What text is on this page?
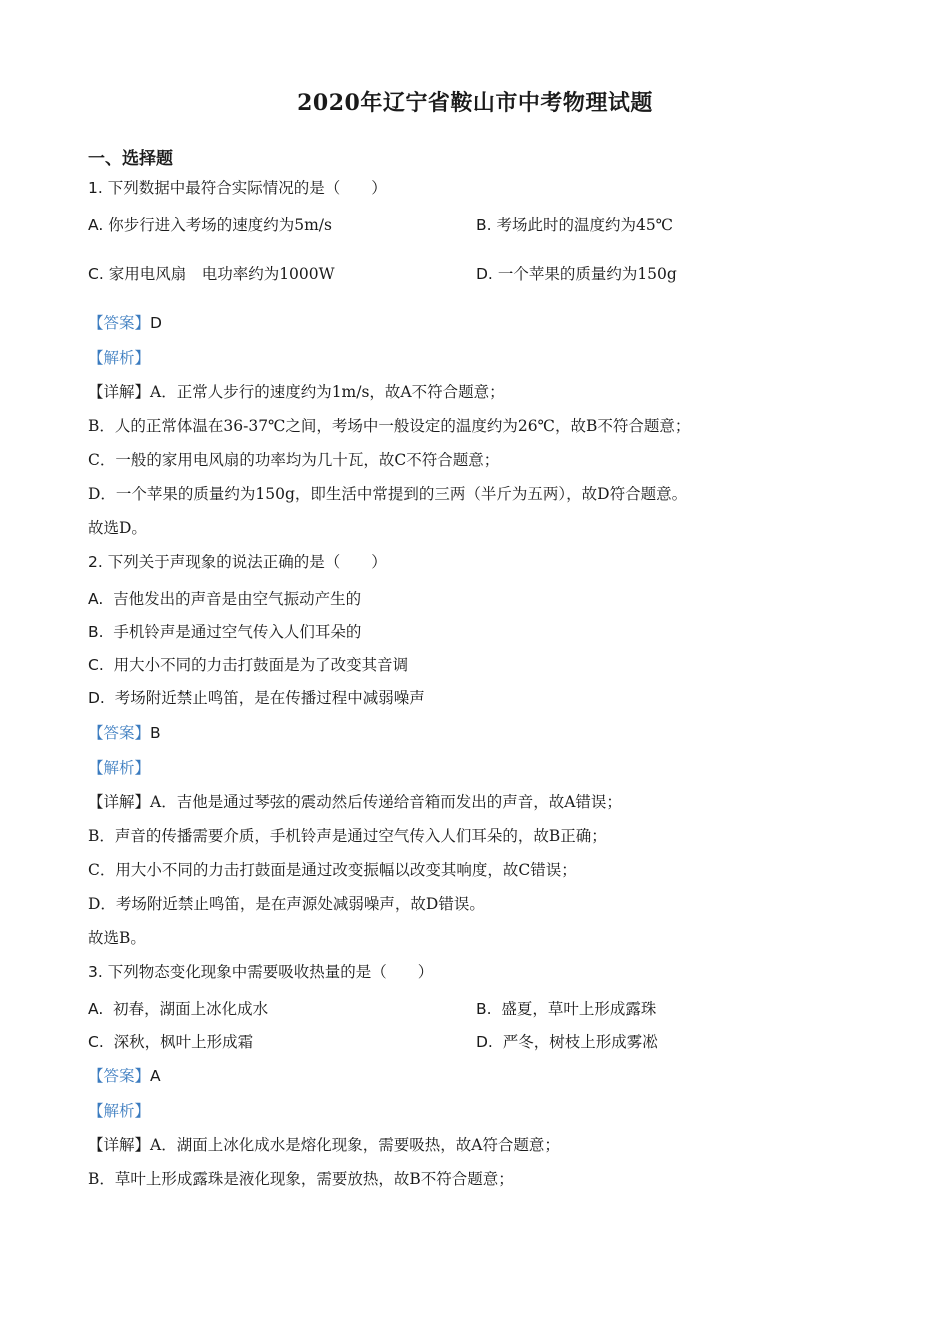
2020年辽宁省鞍山市中考物理试题
一、选择题
1. 下列数据中最符合实际情况的是（　　）
A. 你步行进入考场的速度约为5m/s	B. 考场此时的温度约为45℃
C. 家用电风扇　电功率约为1000W	D. 一个苹果的质量约为150g
【答案】D
【解析】
【详解】A．正常人步行的速度约为1m/s，故A不符合题意；
B．人的正常体温在36-37℃之间，考场中一般设定的温度约为26℃，故B不符合题意；
C．一般的家用电风扇的功率均为几十瓦，故C不符合题意；
D．一个苹果的质量约为150g，即生活中常提到的三两（半斤为五两），故D符合题意。
故选D。
2. 下列关于声现象的说法正确的是（　　）
A. 吉他发出的声音是由空气振动产生的
B. 手机铃声是通过空气传入人们耳朵的
C. 用大小不同的力击打鼓面是为了改变其音调
D. 考场附近禁止鸣笛，是在传播过程中减弱噪声
【答案】B
【解析】
【详解】A．吉他是通过琴弦的震动然后传递给音箱而发出的声音，故A错误；
B．声音的传播需要介质，手机铃声是通过空气传入人们耳朵的，故B正确；
C．用大小不同的力击打鼓面是通过改变振幅以改变其响度，故C错误；
D．考场附近禁止鸣笛，是在声源处减弱噪声，故D错误。
故选B。
3. 下列物态变化现象中需要吸收热量的是（　　）
A. 初春，湖面上冰化成水	B. 盛夏，草叶上形成露珠
C. 深秋，枫叶上形成霜	D. 严冬，树枝上形成雾凇
【答案】A
【解析】
【详解】A．湖面上冰化成水是熔化现象，需要吸热，故A符合题意；
B．草叶上形成露珠是液化现象，需要放热，故B不符合题意；
